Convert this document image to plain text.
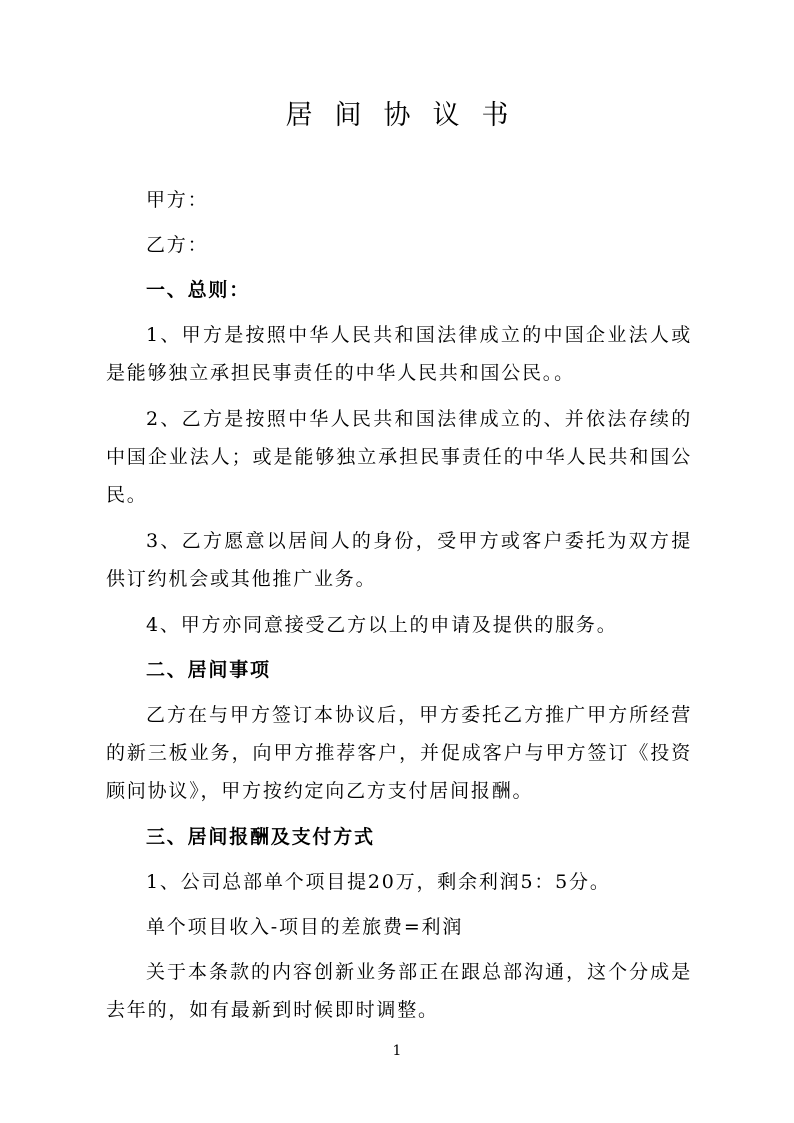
居间协议书

甲方：

乙方：

一、总则：

1、甲方是按照中华人民共和国法律成立的中国企业法人或是能够独立承担民事责任的中华人民共和国公民。。

2、乙方是按照中华人民共和国法律成立的、并依法存续的中国企业法人；或是能够独立承担民事责任的中华人民共和国公民。

3、乙方愿意以居间人的身份，受甲方或客户委托为双方提供订约机会或其他推广业务。

4、甲方亦同意接受乙方以上的申请及提供的服务。

二、居间事项

乙方在与甲方签订本协议后，甲方委托乙方推广甲方所经营的新三板业务，向甲方推荐客户，并促成客户与甲方签订《投资顾问协议》，甲方按约定向乙方支付居间报酬。

三、居间报酬及支付方式

1、公司总部单个项目提20万，剩余利润5：5分。

单个项目收入-项目的差旅费=利润

关于本条款的内容创新业务部正在跟总部沟通，这个分成是去年的，如有最新到时候即时调整。

1
